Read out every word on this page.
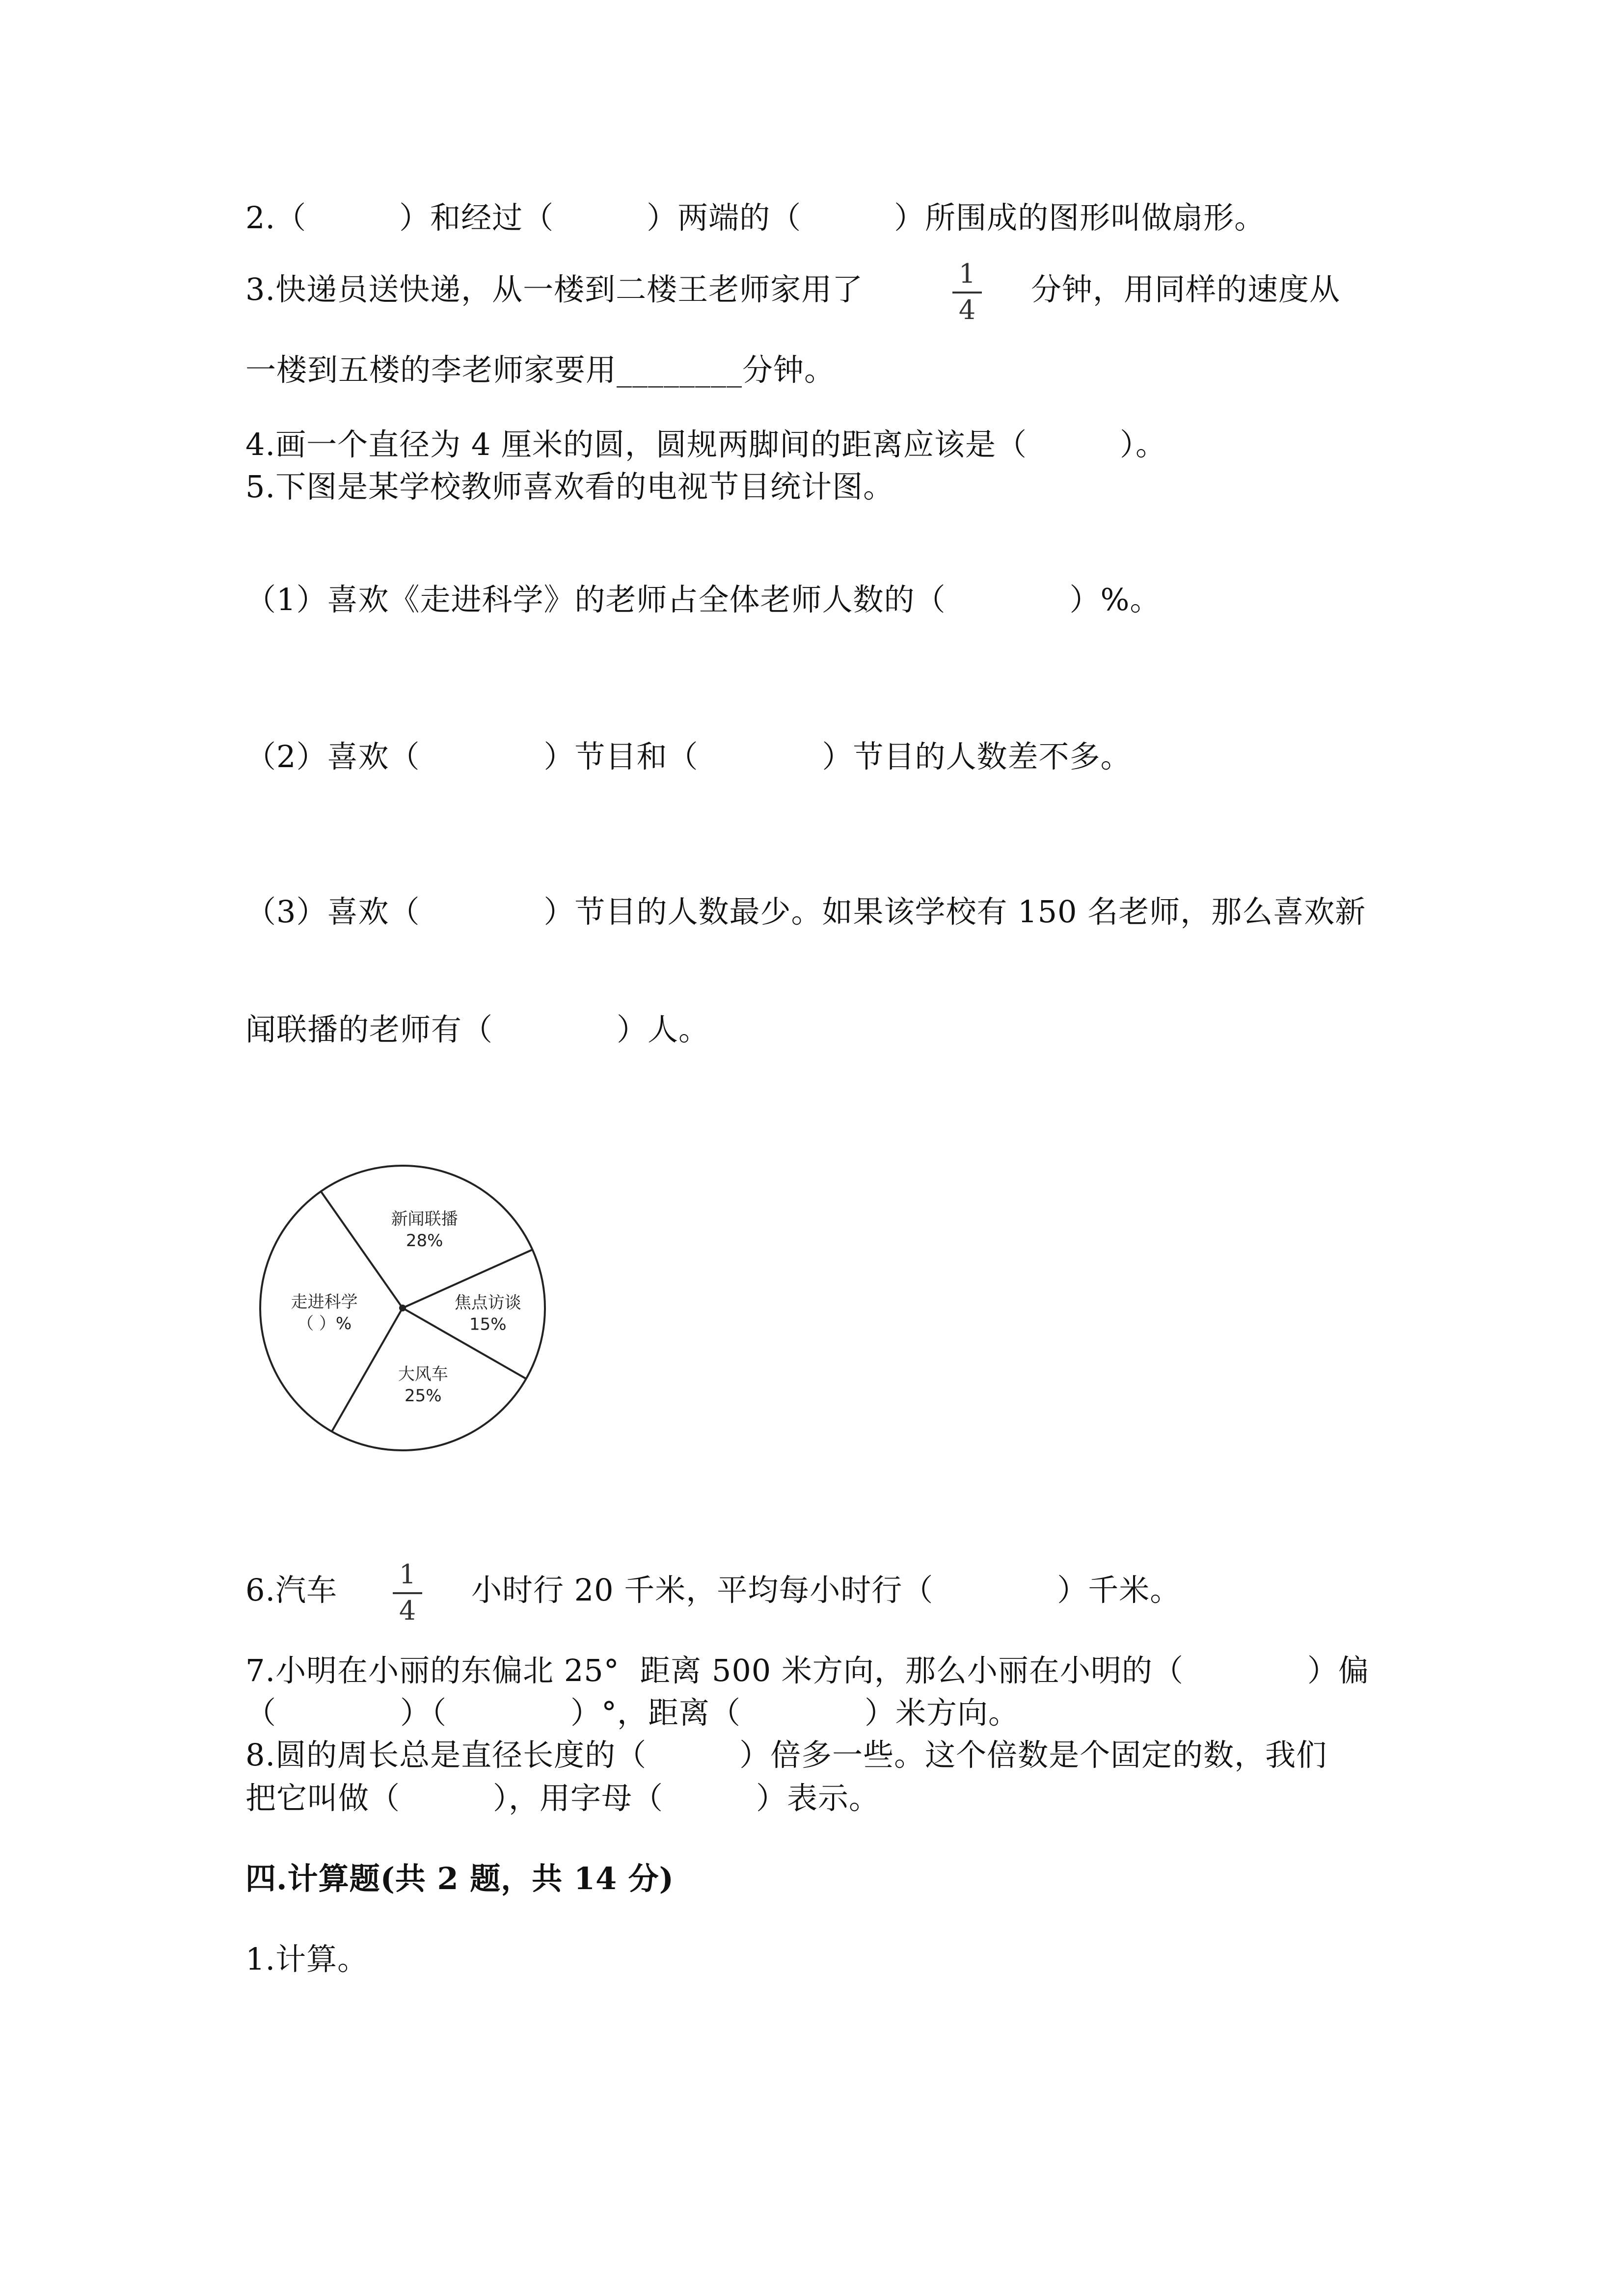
2.（　　　）和经过（　　　）两端的（　　　）所围成的图形叫做扇形。
3.快递员送快递，从一楼到二楼王老师家用了	$\frac{1}{4}$ 分钟，用同样的速度从
一楼到五楼的李老师家要用________分钟。
4.画一个直径为 4 厘米的圆，圆规两脚间的距离应该是（　　　）。
5.下图是某学校教师喜欢看的电视节目统计图。
（1）喜欢《走进科学》的老师占全体老师人数的（　　　　）%。
（2）喜欢（　　　　）节目和（　　　　）节目的人数差不多。
（3）喜欢（　　　　）节目的人数最少。如果该学校有 150 名老师，那么喜欢新
闻联播的老师有（　　　　）人。
新闻联播
28%
焦点访谈
15%
大风车
25%
走进科学
（ ）%
6.汽车 $\frac{1}{4}$ 小时行 20 千米，平均每小时行（　　　　）千米。
7.小明在小丽的东偏北 25°  距离 500 米方向，那么小丽在小明的（　　　　）偏
（　　　　）（　　　　）°，距离（　　　　）米方向。
8.圆的周长总是直径长度的（　　　）倍多一些。这个倍数是个固定的数，我们
把它叫做（　　　），用字母（　　　）表示。
四.计算题(共 2 题，共 14 分)
1.计算。
